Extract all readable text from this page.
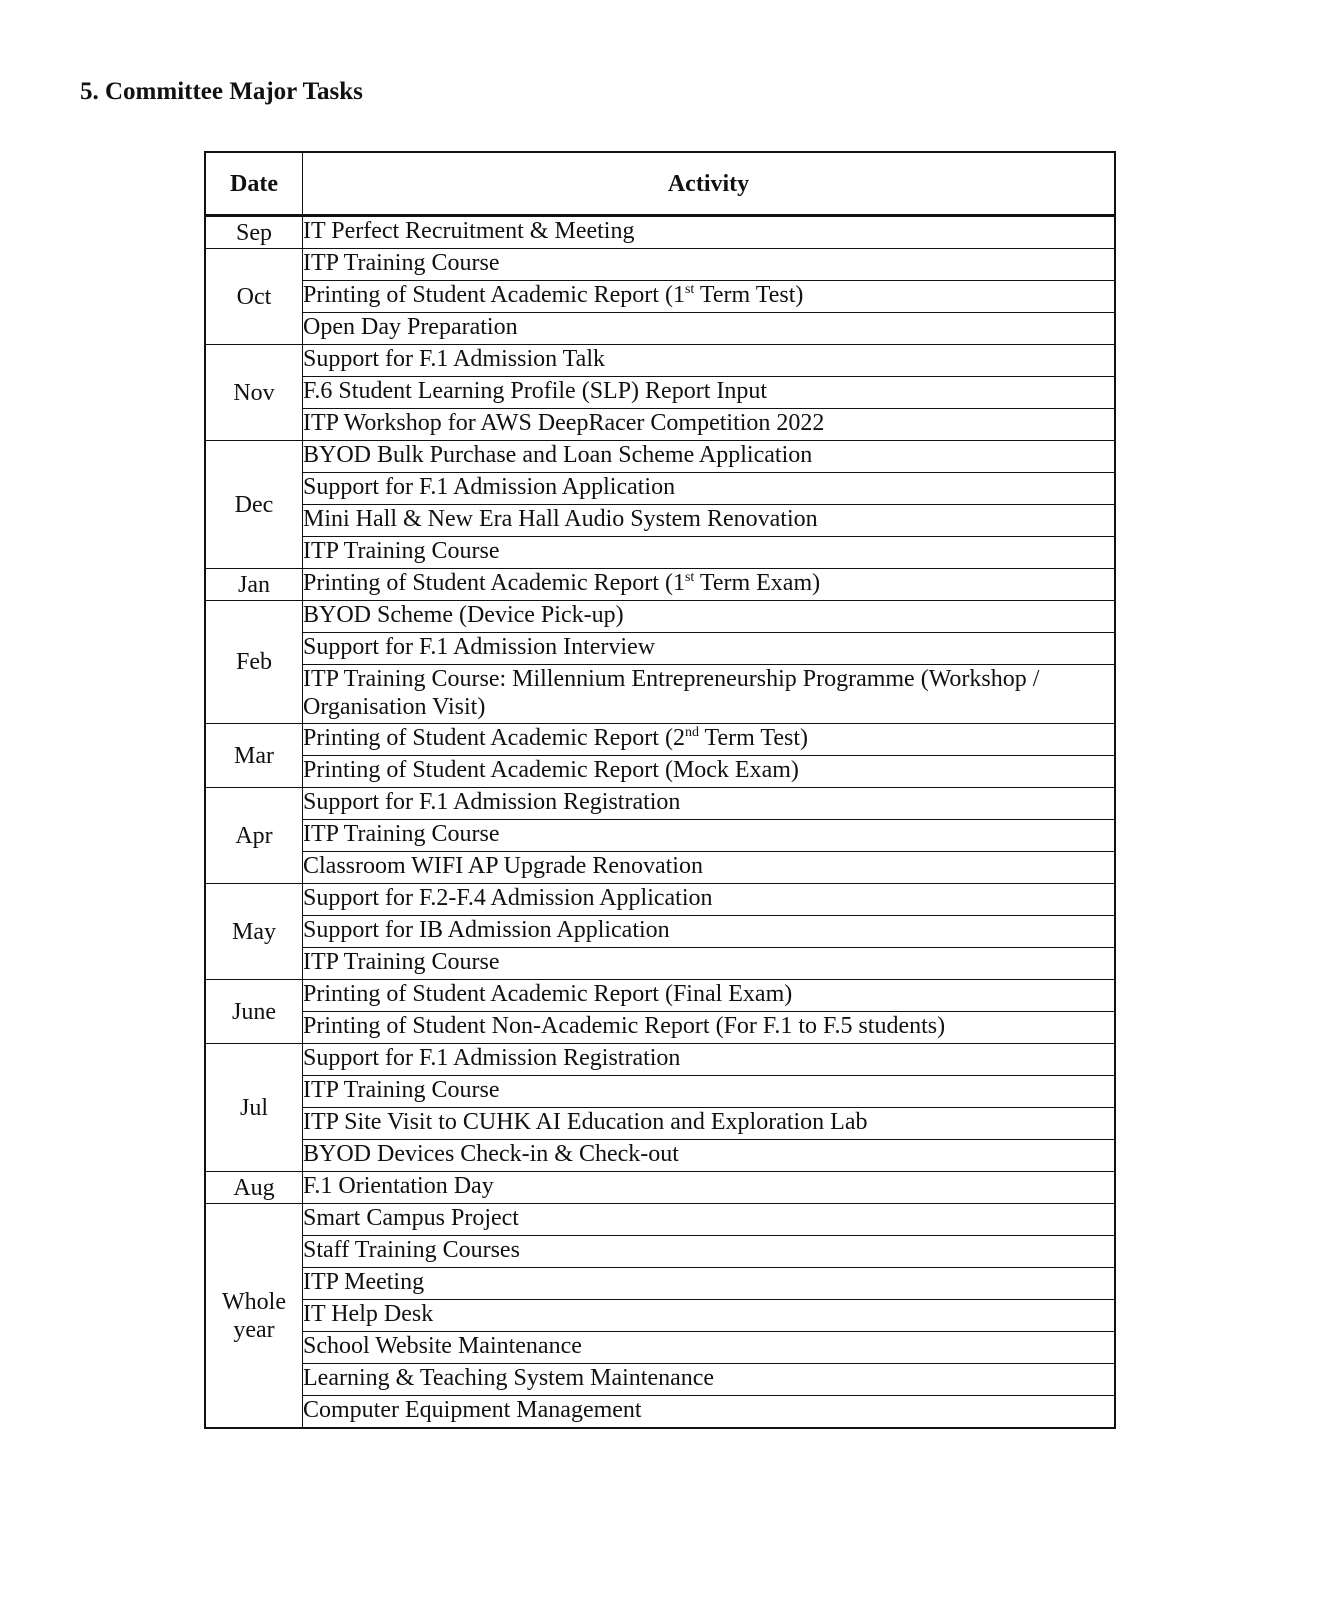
5. Committee Major Tasks
Date	Activity
Sep	IT Perfect Recruitment & Meeting
Oct	ITP Training Course
	Printing of Student Academic Report (1st Term Test)
	Open Day Preparation
Nov	Support for F.1 Admission Talk
	F.6 Student Learning Profile (SLP) Report Input
	ITP Workshop for AWS DeepRacer Competition 2022
Dec	BYOD Bulk Purchase and Loan Scheme Application
	Support for F.1 Admission Application
	Mini Hall & New Era Hall Audio System Renovation
	ITP Training Course
Jan	Printing of Student Academic Report (1st Term Exam)
Feb	BYOD Scheme (Device Pick-up)
	Support for F.1 Admission Interview
	ITP Training Course: Millennium Entrepreneurship Programme (Workshop / Organisation Visit)
Mar	Printing of Student Academic Report (2nd Term Test)
	Printing of Student Academic Report (Mock Exam)
Apr	Support for F.1 Admission Registration
	ITP Training Course
	Classroom WIFI AP Upgrade Renovation
May	Support for F.2-F.4 Admission Application
	Support for IB Admission Application
	ITP Training Course
June	Printing of Student Academic Report (Final Exam)
	Printing of Student Non-Academic Report (For F.1 to F.5 students)
Jul	Support for F.1 Admission Registration
	ITP Training Course
	ITP Site Visit to CUHK AI Education and Exploration Lab
	BYOD Devices Check-in & Check-out
Aug	F.1 Orientation Day
Whole year	Smart Campus Project
	Staff Training Courses
	ITP Meeting
	IT Help Desk
	School Website Maintenance
	Learning & Teaching System Maintenance
	Computer Equipment Management
